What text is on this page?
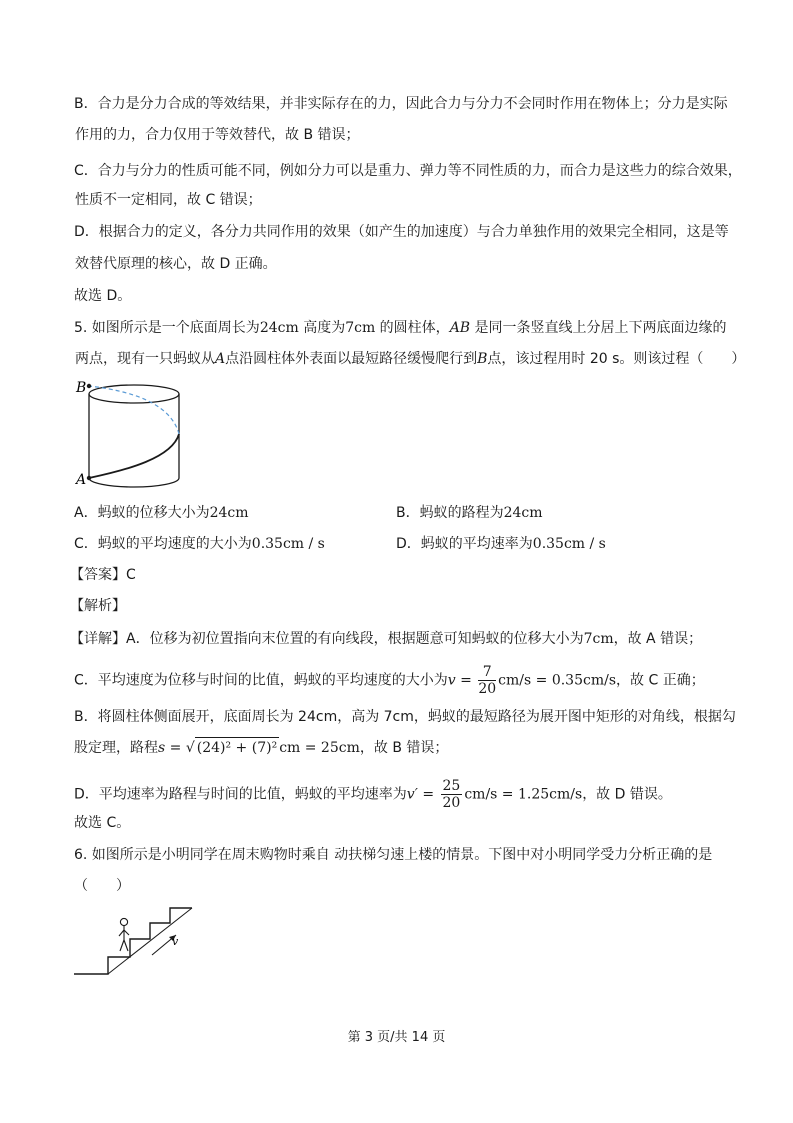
B．合力是分力合成的等效结果，并非实际存在的力，因此合力与分力不会同时作用在物体上；分力是实际
作用的力，合力仅用于等效替代，故 B 错误；
C．合力与分力的性质可能不同，例如分力可以是重力、弹力等不同性质的力，而合力是这些力的综合效果，
性质不一定相同，故 C 错误；
D．根据合力的定义，各分力共同作用的效果（如产生的加速度）与合力单独作用的效果完全相同，这是等
效替代原理的核心，故 D 正确。
故选 D。
5. 如图所示是一个底面周长为24cm 高度为7cm 的圆柱体，AB 是同一条竖直线上分居上下两底面边缘的
两点，现有一只蚂蚁从A点沿圆柱体外表面以最短路径缓慢爬行到B点，该过程用时 20 s。则该过程（　　）
B
A
A．蚂蚁的位移大小为24cm	B．蚂蚁的路程为24cm
C．蚂蚁的平均速度的大小为0.35cm / s	D．蚂蚁的平均速率为0.35cm / s
【答案】C
【解析】
【详解】A．位移为初位置指向末位置的有向线段，根据题意可知蚂蚁的位移大小为7cm，故 A 错误；
C．平均速度为位移与时间的比值，蚂蚁的平均速度的大小为$v = \frac{7}{20} cm/s = 0.35cm/s$，故 C 正确；
B．将圆柱体侧面展开，底面周长为 24cm，高为 7cm，蚂蚁的最短路径为展开图中矩形的对角线，根据勾
股定理，路程s = √ (24)² + (7)² cm = 25cm，故 B 错误；
D．平均速率为路程与时间的比值，蚂蚁的平均速率为$v' = \frac{25}{20} cm/s = 1.25cm/s$，故 D 错误。
故选 C。
6. 如图所示是小明同学在周末购物时乘自 动扶梯匀速上楼的情景。下图中对小明同学受力分析正确的是
（　　）
v
第 3 页/共 14 页
